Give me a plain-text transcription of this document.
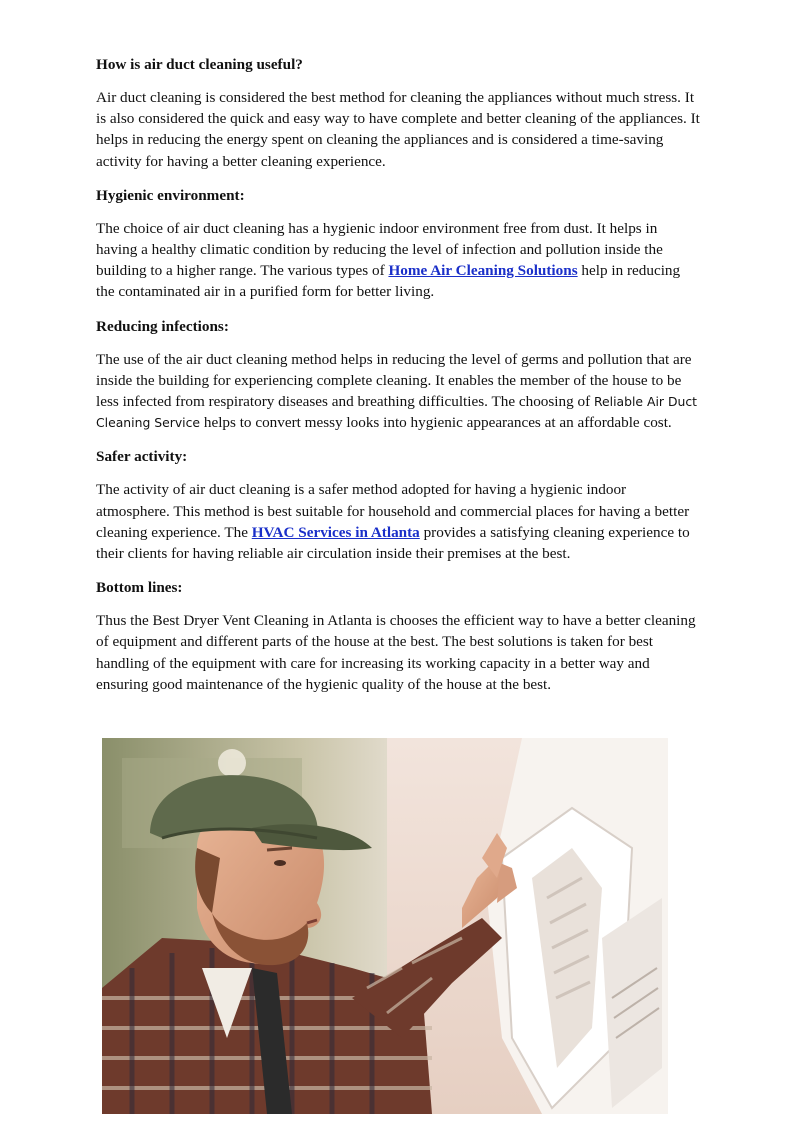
How is air duct cleaning useful?

Air duct cleaning is considered the best method for cleaning the appliances without much stress. It is also considered the quick and easy way to have complete and better cleaning of the appliances. It helps in reducing the energy spent on cleaning the appliances and is considered a time-saving activity for having a better cleaning experience.

Hygienic environment:

The choice of air duct cleaning has a hygienic indoor environment free from dust. It helps in having a healthy climatic condition by reducing the level of infection and pollution inside the building to a higher range. The various types of Home Air Cleaning Solutions help in reducing the contaminated air in a purified form for better living.

Reducing infections:

The use of the air duct cleaning method helps in reducing the level of germs and pollution that are inside the building for experiencing complete cleaning. It enables the member of the house to be less infected from respiratory diseases and breathing difficulties. The choosing of Reliable Air Duct Cleaning Service helps to convert messy looks into hygienic appearances at an affordable cost.

Safer activity:

The activity of air duct cleaning is a safer method adopted for having a hygienic indoor atmosphere. This method is best suitable for household and commercial places for having a better cleaning experience. The HVAC Services in Atlanta provides a satisfying cleaning experience to their clients for having reliable air circulation inside their premises at the best.

Bottom lines:

Thus the Best Dryer Vent Cleaning in Atlanta is chooses the efficient way to have a better cleaning of equipment and different parts of the house at the best. The best solutions is taken for best handling of the equipment with care for increasing its working capacity in a better way and ensuring good maintenance of the hygienic quality of the house at the best.
